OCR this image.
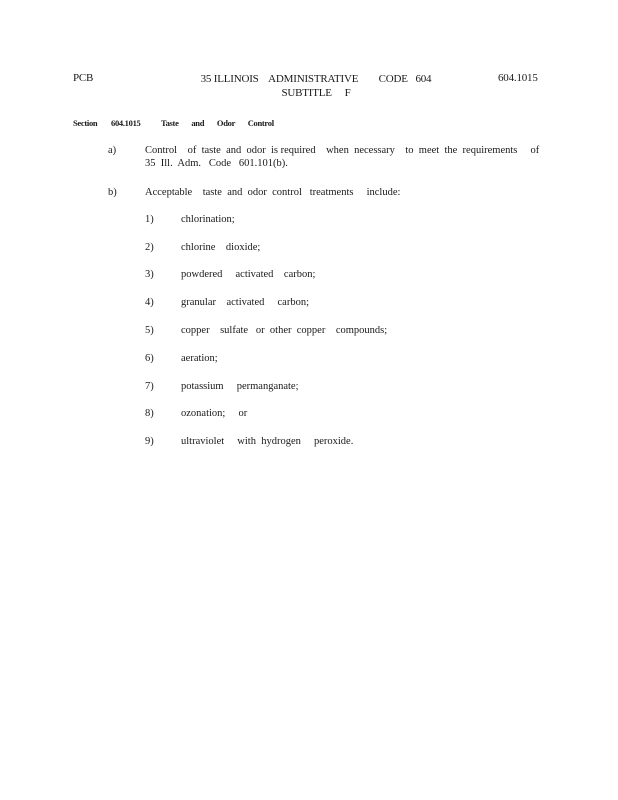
PCB	35 ILLINOIS    ADMINISTRATIVE        CODE   604
SUBTITLE     F
604.1015
Section 604.1015 Taste       and       Odor       Control
a)	Control    of  taste  and  odor  is required    when  necessary    to  meet  the  requirements     of
35  Ill.  Adm.   Code   601.101(b).
b)	Acceptable    taste  and  odor  control   treatments     include:
1)	chlorination;
2)	chlorine    dioxide;
3)	powdered     activated    carbon;
4)	granular    activated     carbon;
5)	copper    sulfate   or  other  copper    compounds;
6)	aeration;
7)	potassium     permanganate;
8)	ozonation;     or
9)	ultraviolet     with  hydrogen     peroxide.
